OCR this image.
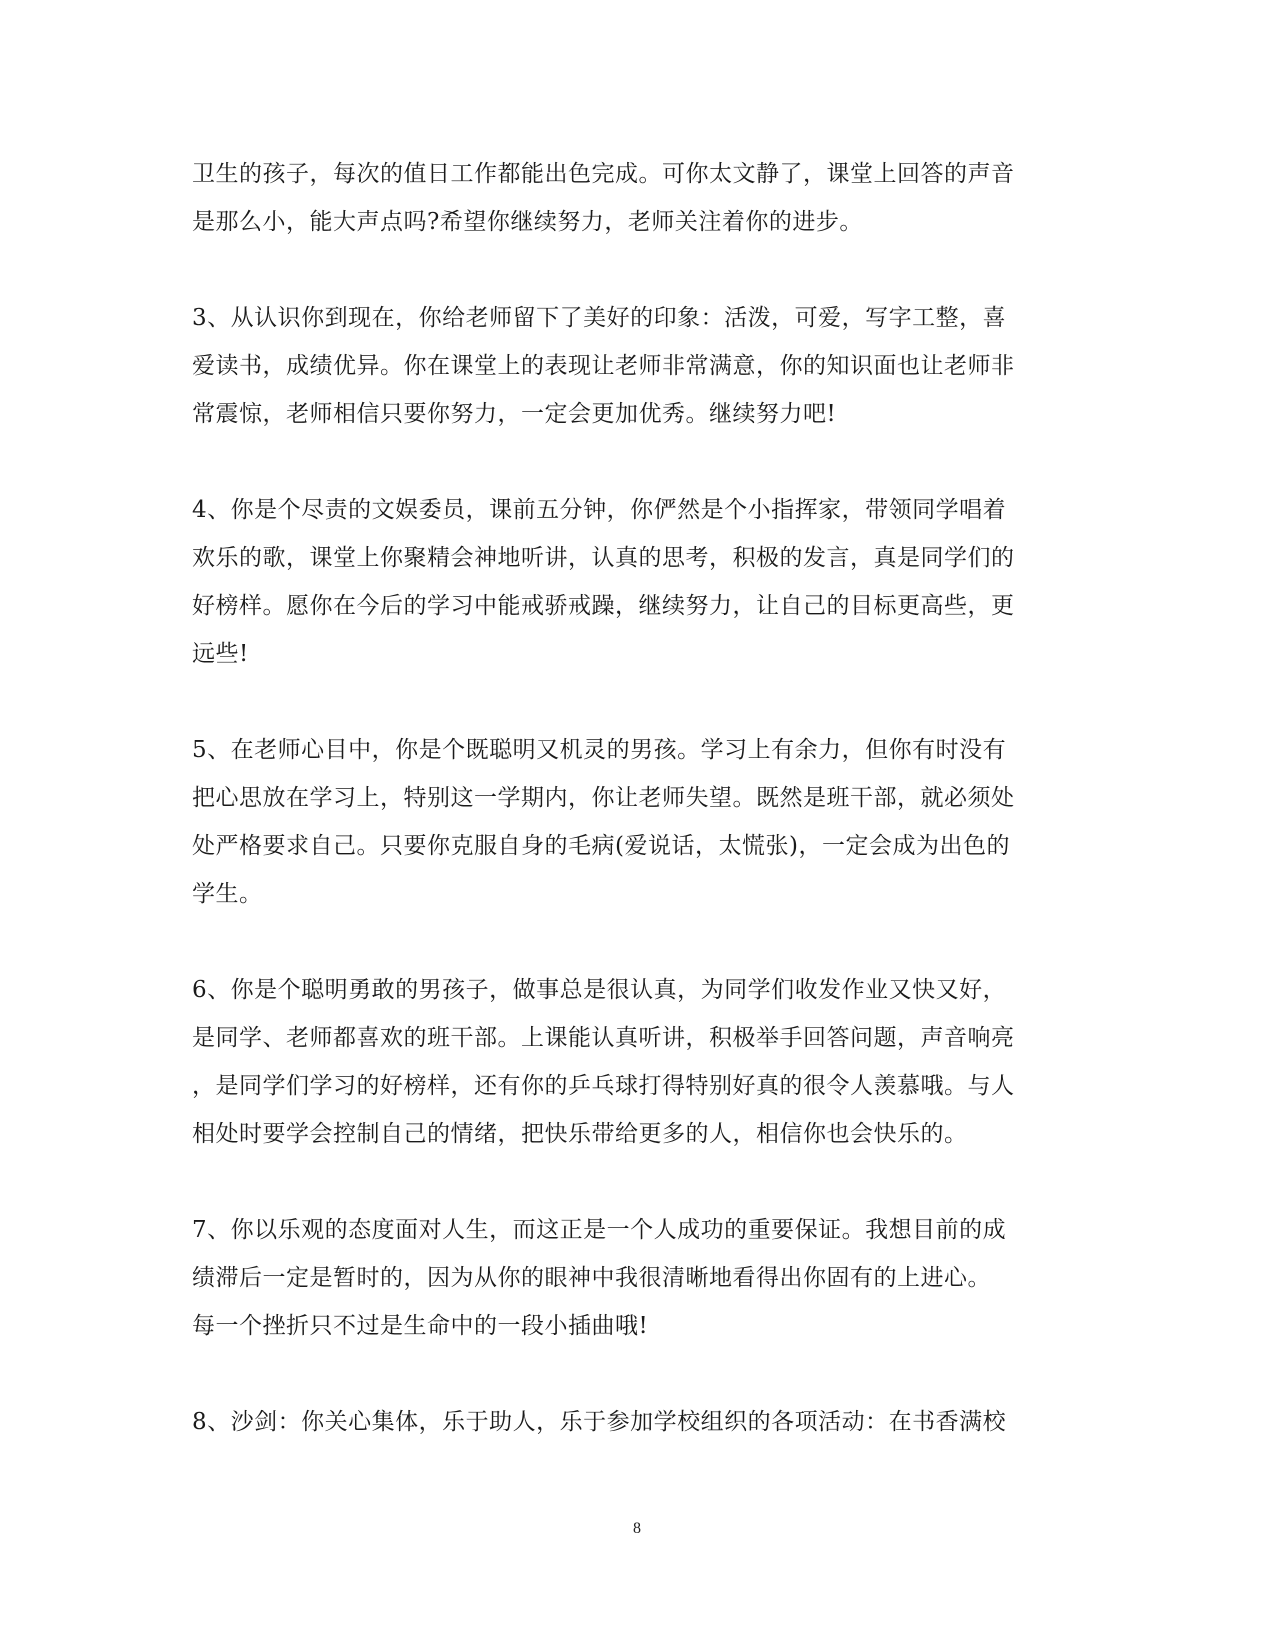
卫生的孩子，每次的值日工作都能出色完成。可你太文静了，课堂上回答的声音
是那么小，能大声点吗?希望你继续努力，老师关注着你的进步。

3、从认识你到现在，你给老师留下了美好的印象：活泼，可爱，写字工整，喜
爱读书，成绩优异。你在课堂上的表现让老师非常满意，你的知识面也让老师非
常震惊，老师相信只要你努力，一定会更加优秀。继续努力吧!

4、你是个尽责的文娱委员，课前五分钟，你俨然是个小指挥家，带领同学唱着
欢乐的歌，课堂上你聚精会神地听讲，认真的思考，积极的发言，真是同学们的
好榜样。愿你在今后的学习中能戒骄戒躁，继续努力，让自己的目标更高些，更
远些!

5、在老师心目中，你是个既聪明又机灵的男孩。学习上有余力，但你有时没有
把心思放在学习上，特别这一学期内，你让老师失望。既然是班干部，就必须处
处严格要求自己。只要你克服自身的毛病(爱说话，太慌张)，一定会成为出色的
学生。

6、你是个聪明勇敢的男孩子，做事总是很认真，为同学们收发作业又快又好，
是同学、老师都喜欢的班干部。上课能认真听讲，积极举手回答问题，声音响亮
，是同学们学习的好榜样，还有你的乒乓球打得特别好真的很令人羡慕哦。与人
相处时要学会控制自己的情绪，把快乐带给更多的人，相信你也会快乐的。

7、你以乐观的态度面对人生，而这正是一个人成功的重要保证。我想目前的成
绩滞后一定是暂时的，因为从你的眼神中我很清晰地看得出你固有的上进心。
每一个挫折只不过是生命中的一段小插曲哦!

8、沙剑：你关心集体，乐于助人，乐于参加学校组织的各项活动：在书香满校

8
